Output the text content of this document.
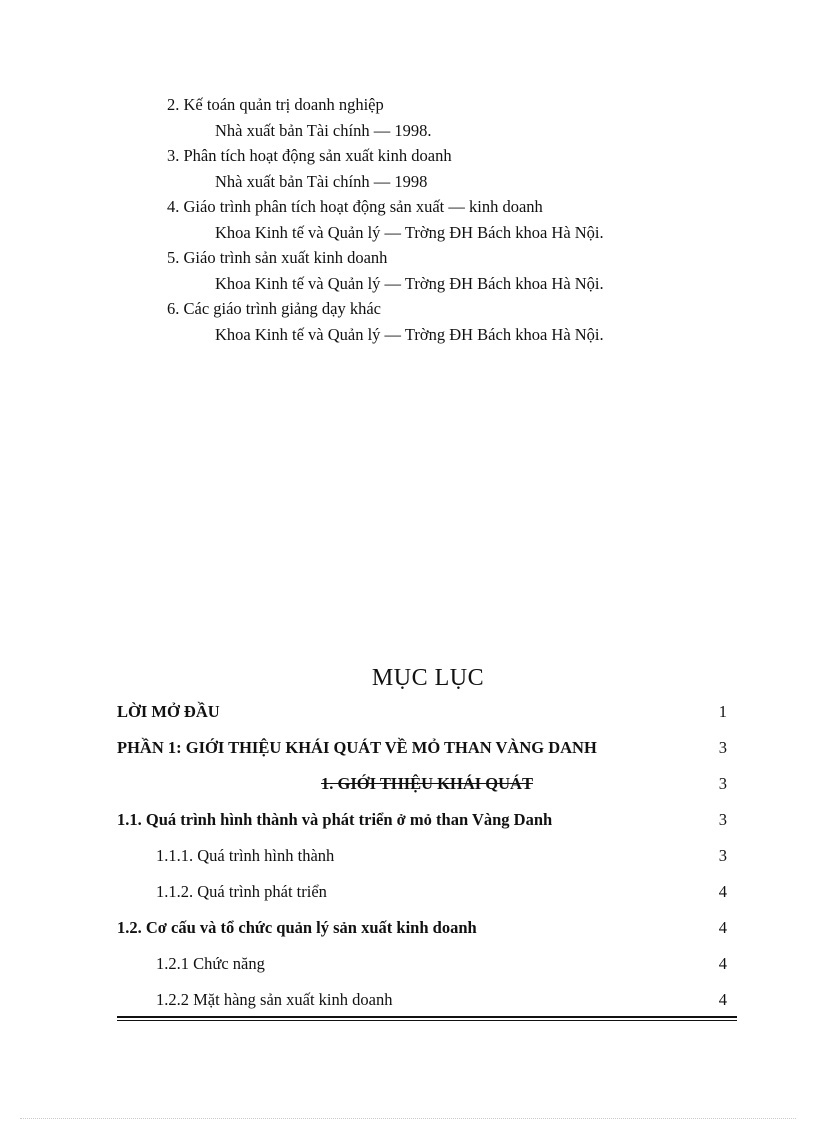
2. Kế toán quản trị doanh nghiệp
Nhà xuất bản Tài chính — 1998.
3. Phân tích hoạt động sản xuất kinh doanh
Nhà xuất bản Tài chính — 1998
4. Giáo trình phân tích hoạt động sản xuất — kinh doanh
Khoa Kinh tế và Quản lý — Trờng ĐH Bách khoa Hà Nội.
5. Giáo trình sản xuất kinh doanh
Khoa Kinh tế và Quản lý — Trờng ĐH Bách khoa Hà Nội.
6. Các giáo trình giảng dạy khác
Khoa Kinh tế và Quản lý — Trờng ĐH Bách khoa Hà Nội.
MỤC LỤC
LỜI MỞ ĐẦU	1
PHẦN 1: GIỚI THIỆU KHÁI QUÁT VỀ MỎ THAN VÀNG DANH	3
1. GIỚI THIỆU KHÁI QUÁT	3
1.1. Quá trình hình thành và phát triển ở mỏ than Vàng Danh	3
1.1.1. Quá trình hình thành	3
1.1.2. Quá trình phát triển	4
1.2. Cơ cấu và tổ chức quản lý sản xuất kinh doanh	4
1.2.1 Chức năng	4
1.2.2 Mặt hàng sản xuất kinh doanh	4
